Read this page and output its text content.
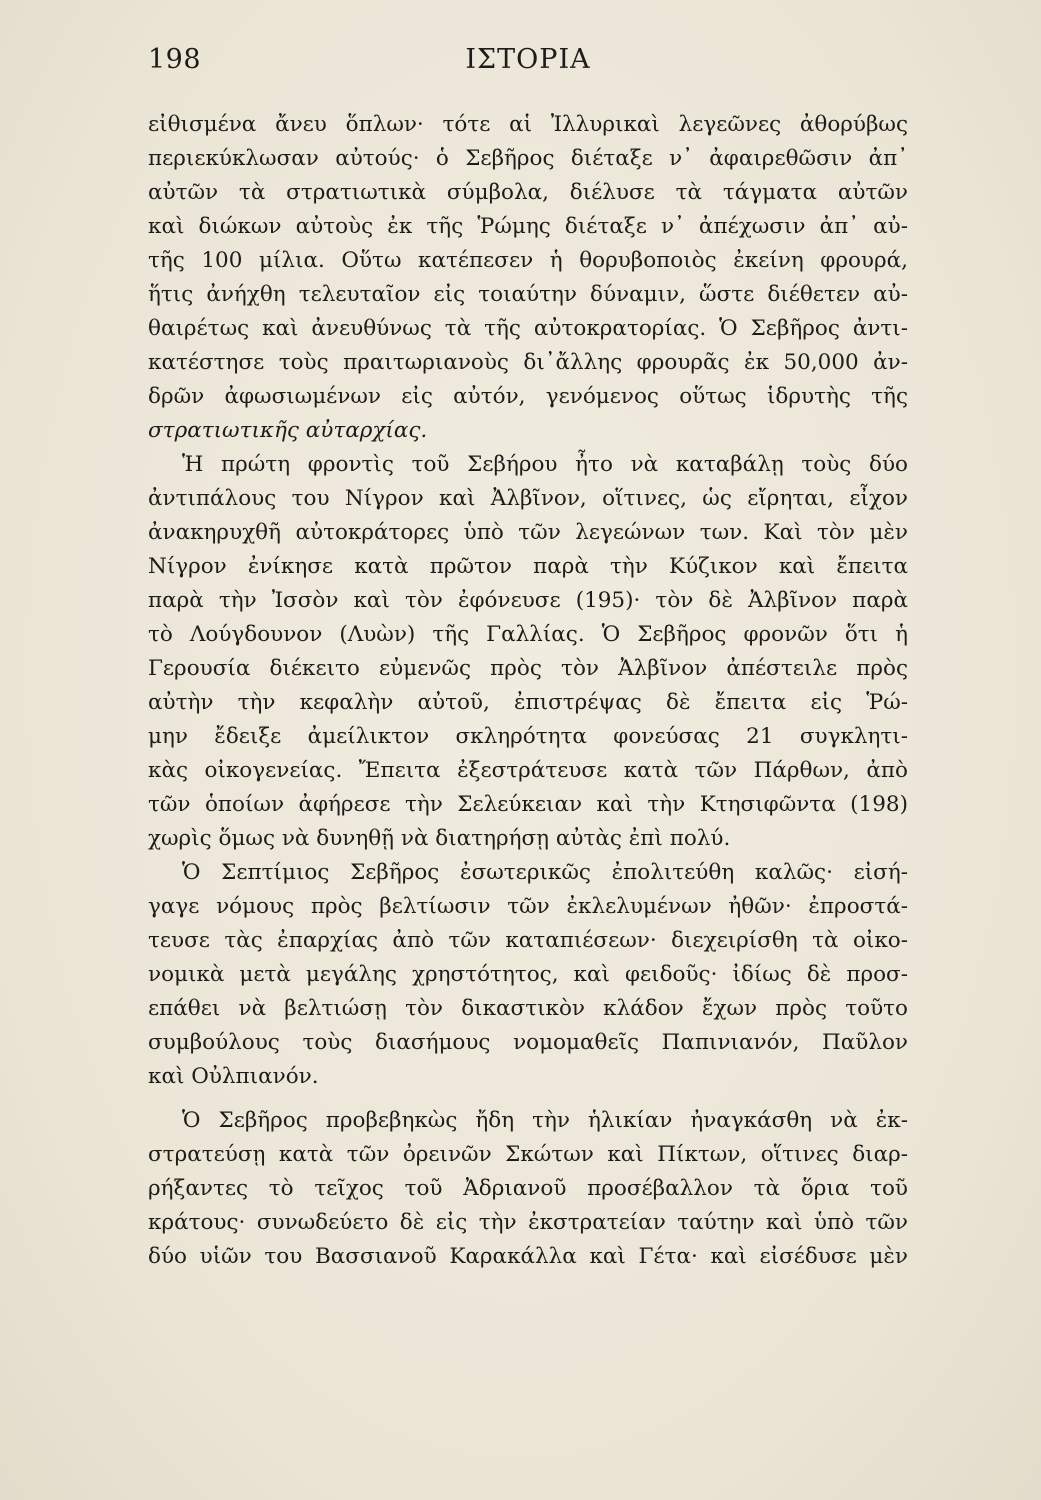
198	ΙΣΤΟΡΙΑ
εἰθισμένα ἄνευ ὅπλων· τότε αἱ Ἰλλυρικαὶ λεγεῶνες ἀθορύβως
περιεκύκλωσαν αὐτούς· ὁ Σεβῆρος διέταξε ν᾽ ἀφαιρεθῶσιν ἀπ᾽
αὐτῶν τὰ στρατιωτικὰ σύμβολα, διέλυσε τὰ τάγματα αὐτῶν
καὶ διώκων αὐτοὺς ἐκ τῆς Ῥώμης διέταξε ν᾽ ἀπέχωσιν ἀπ᾽ αὐ-
τῆς 100 μίλια. Οὕτω κατέπεσεν ἡ θορυβοποιὸς ἐκείνη φρουρά,
ἥτις ἀνήχθη τελευταῖον εἰς τοιαύτην δύναμιν, ὥστε διέθετεν αὐ-
θαιρέτως καὶ ἀνευθύνως τὰ τῆς αὐτοκρατορίας. Ὁ Σεβῆρος ἀντι-
κατέστησε τοὺς πραιτωριανοὺς δι᾽ἄλλης φρουρᾶς ἐκ 50,000 ἀν-
δρῶν ἀφωσιωμένων εἰς αὐτόν, γενόμενος οὕτως ἱδρυτὴς τῆς
στρατιωτικῆς αὐταρχίας.
Ἡ πρώτη φροντὶς τοῦ Σεβήρου ἦτο νὰ καταβάλῃ τοὺς δύο
ἀντιπάλους του Νίγρον καὶ Ἀλβῖνον, οἵτινες, ὡς εἴρηται, εἶχον
ἀνακηρυχθῆ αὐτοκράτορες ὑπὸ τῶν λεγεώνων των. Καὶ τὸν μὲν
Νίγρον ἐνίκησε κατὰ πρῶτον παρὰ τὴν Κύζικον καὶ ἔπειτα
παρὰ τὴν Ἰσσὸν καὶ τὸν ἐφόνευσε (195)· τὸν δὲ Ἀλβῖνον παρὰ
τὸ Λούγδουνον (Λυὼν) τῆς Γαλλίας. Ὁ Σεβῆρος φρονῶν ὅτι ἡ
Γερουσία διέκειτο εὐμενῶς πρὸς τὸν Ἀλβῖνον ἀπέστειλε πρὸς
αὐτὴν τὴν κεφαλὴν αὐτοῦ, ἐπιστρέψας δὲ ἔπειτα εἰς Ῥώ-
μην ἔδειξε ἀμείλικτον σκληρότητα φονεύσας 21 συγκλητι-
κὰς οἰκογενείας. Ἔπειτα ἐξεστράτευσε κατὰ τῶν Πάρθων, ἀπὸ
τῶν ὁποίων ἀφήρεσε τὴν Σελεύκειαν καὶ τὴν Κτησιφῶντα (198)
χωρὶς ὅμως νὰ δυνηθῇ νὰ διατηρήσῃ αὐτὰς ἐπὶ πολύ.
Ὁ Σεπτίμιος Σεβῆρος ἐσωτερικῶς ἐπολιτεύθη καλῶς· εἰσή-
γαγε νόμους πρὸς βελτίωσιν τῶν ἐκλελυμένων ἠθῶν· ἐπροστά-
τευσε τὰς ἐπαρχίας ἀπὸ τῶν καταπιέσεων· διεχειρίσθη τὰ οἰκο-
νομικὰ μετὰ μεγάλης χρηστότητος, καὶ φειδοῦς· ἰδίως δὲ προσ-
επάθει νὰ βελτιώσῃ τὸν δικαστικὸν κλάδον ἔχων πρὸς τοῦτο
συμβούλους τοὺς διασήμους νομομαθεῖς Παπινιανόν, Παῦλον
καὶ Οὐλπιανόν.
Ὁ Σεβῆρος προβεβηκὼς ἤδη τὴν ἡλικίαν ἠναγκάσθη νὰ ἐκ-
στρατεύσῃ κατὰ τῶν ὀρεινῶν Σκώτων καὶ Πίκτων, οἵτινες διαρ-
ρήξαντες τὸ τεῖχος τοῦ Ἀδριανοῦ προσέβαλλον τὰ ὅρια τοῦ
κράτους· συνωδεύετο δὲ εἰς τὴν ἐκστρατείαν ταύτην καὶ ὑπὸ τῶν
δύο υἱῶν του Βασσιανοῦ Καρακάλλα καὶ Γέτα· καὶ εἰσέδυσε μὲν
